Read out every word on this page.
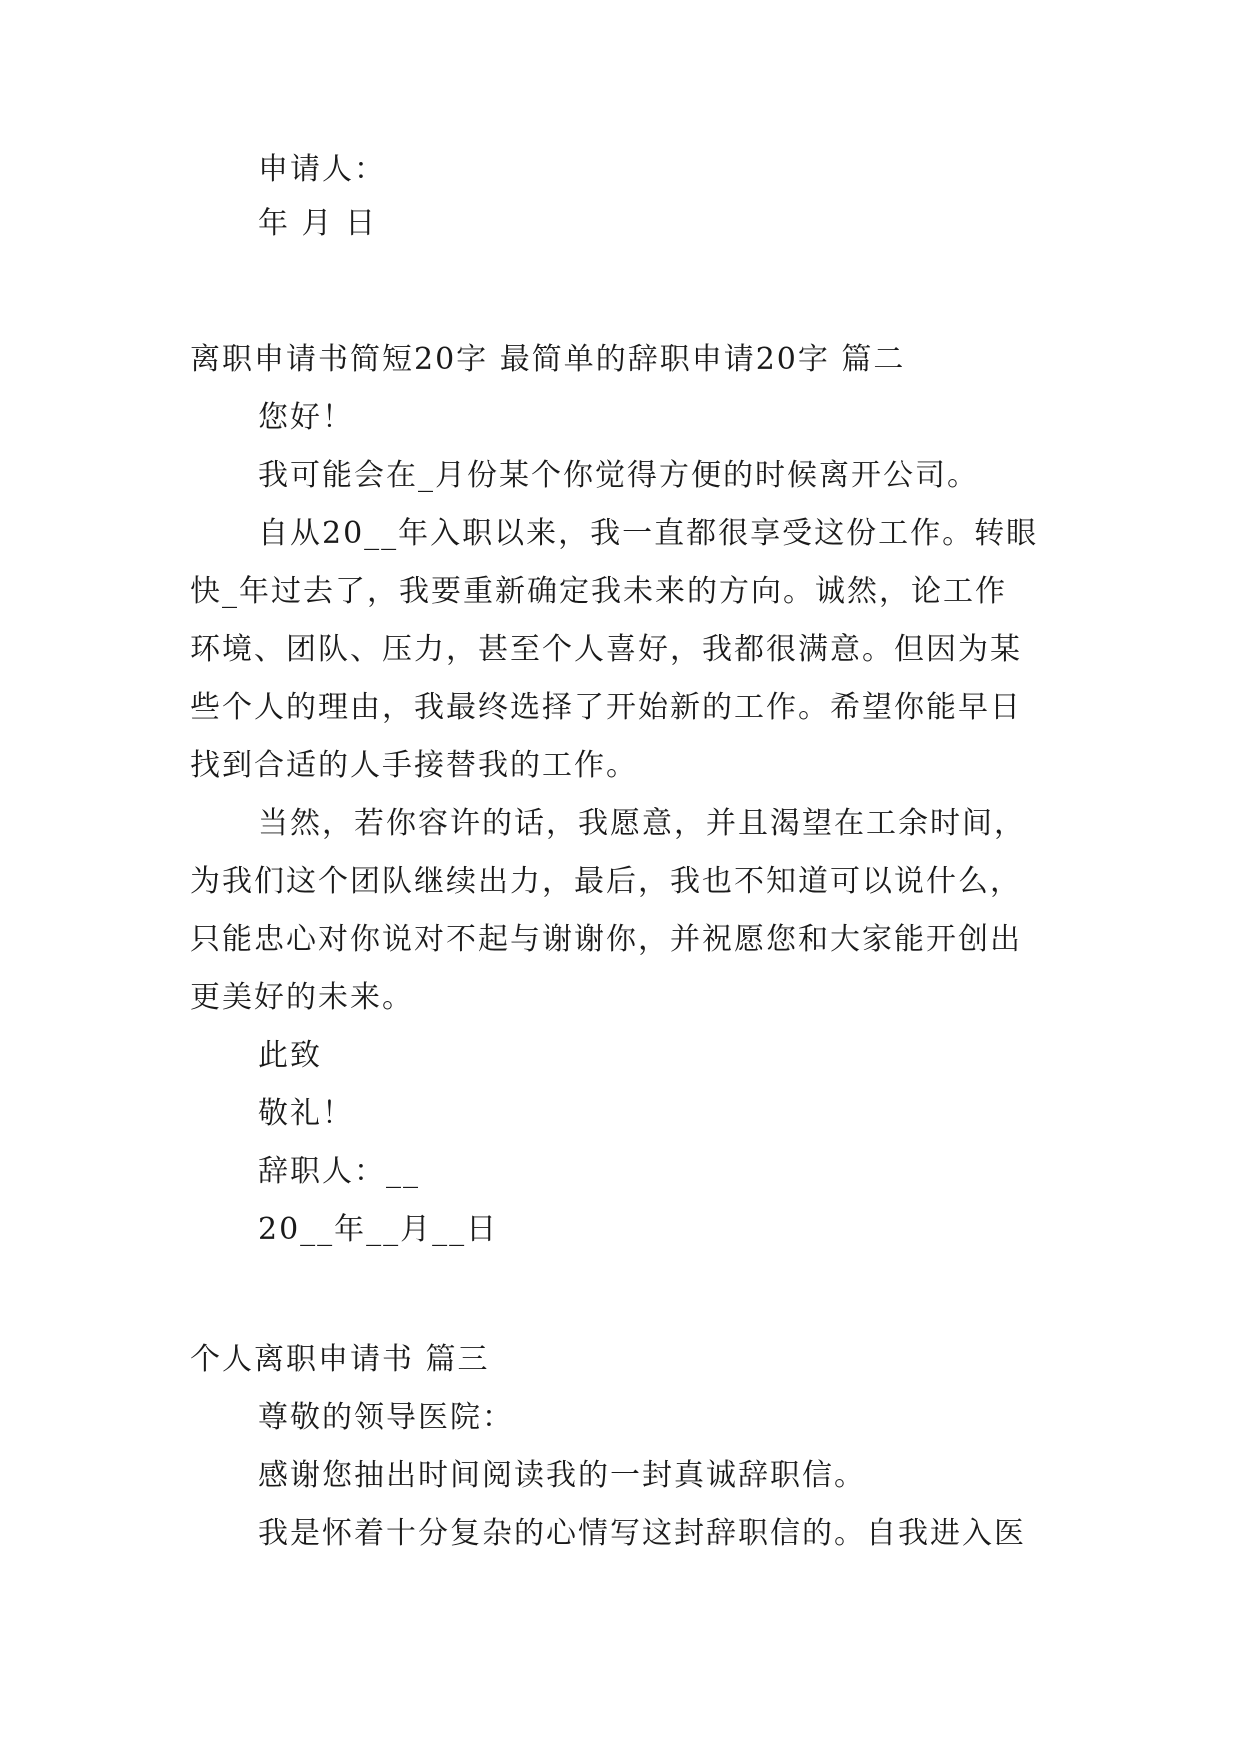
申请人：
年 月 日
离职申请书简短20字 最简单的辞职申请20字 篇二
您好！
我可能会在_月份某个你觉得方便的时候离开公司。
自从20__年入职以来，我一直都很享受这份工作。转眼
快_年过去了，我要重新确定我未来的方向。诚然，论工作
环境、团队、压力，甚至个人喜好，我都很满意。但因为某
些个人的理由，我最终选择了开始新的工作。希望你能早日
找到合适的人手接替我的工作。
当然，若你容许的话，我愿意，并且渴望在工余时间，
为我们这个团队继续出力，最后，我也不知道可以说什么，
只能忠心对你说对不起与谢谢你，并祝愿您和大家能开创出
更美好的未来。
此致
敬礼！
辞职人：__
20__年__月__日
个人离职申请书 篇三
尊敬的领导医院：
感谢您抽出时间阅读我的一封真诚辞职信。
我是怀着十分复杂的心情写这封辞职信的。自我进入医
